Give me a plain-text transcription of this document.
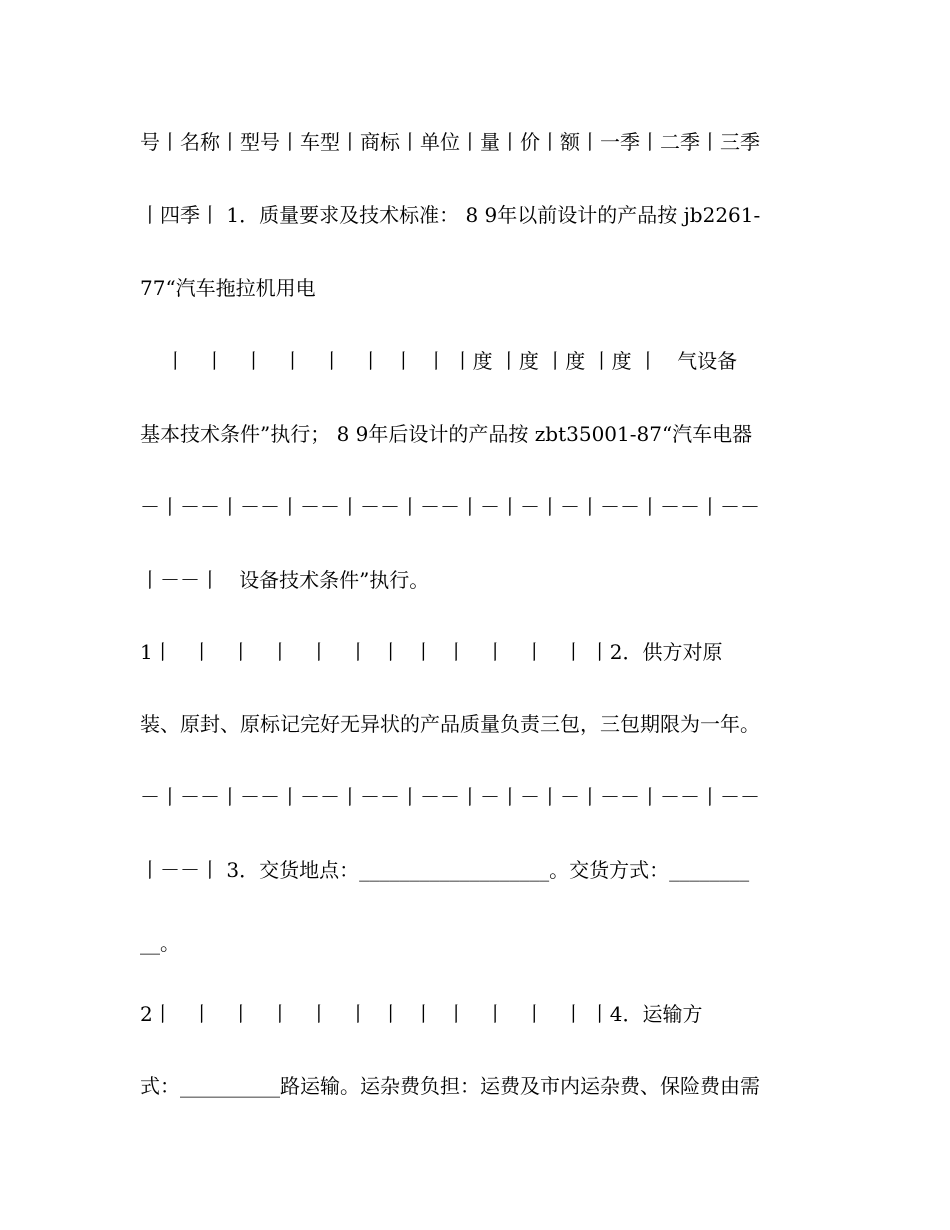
号丨名称丨型号丨车型丨商标丨单位丨量丨价丨额丨一季丨二季丨三季
丨四季丨 1．质量要求及技术标准： 8 9年以前设计的产品按 jb2261-
77“汽车拖拉机用电
丨   丨   丨   丨   丨   丨  丨  丨 丨度 丨度 丨度 丨度 丨   气设备
基本技术条件”执行； 8 9年后设计的产品按 zbt35001-87“汽车电器
－丨－－丨－－丨－－丨－－丨－－丨－丨－丨－丨－－丨－－丨－－
丨－－丨   设备技术条件”执行。
1丨   丨   丨   丨   丨   丨  丨  丨  丨   丨   丨   丨 丨2．供方对原
装、原封、原标记完好无异状的产品质量负责三包，三包期限为一年。
－丨－－丨－－丨－－丨－－丨－－丨－丨－丨－丨－－丨－－丨－－
丨－－丨 3．交货地点：___________________。交货方式：________
__。
2丨   丨   丨   丨   丨   丨  丨  丨  丨   丨   丨   丨 丨4．运输方
式：__________路运输。运杂费负担：运费及市内运杂费、保险费由需
